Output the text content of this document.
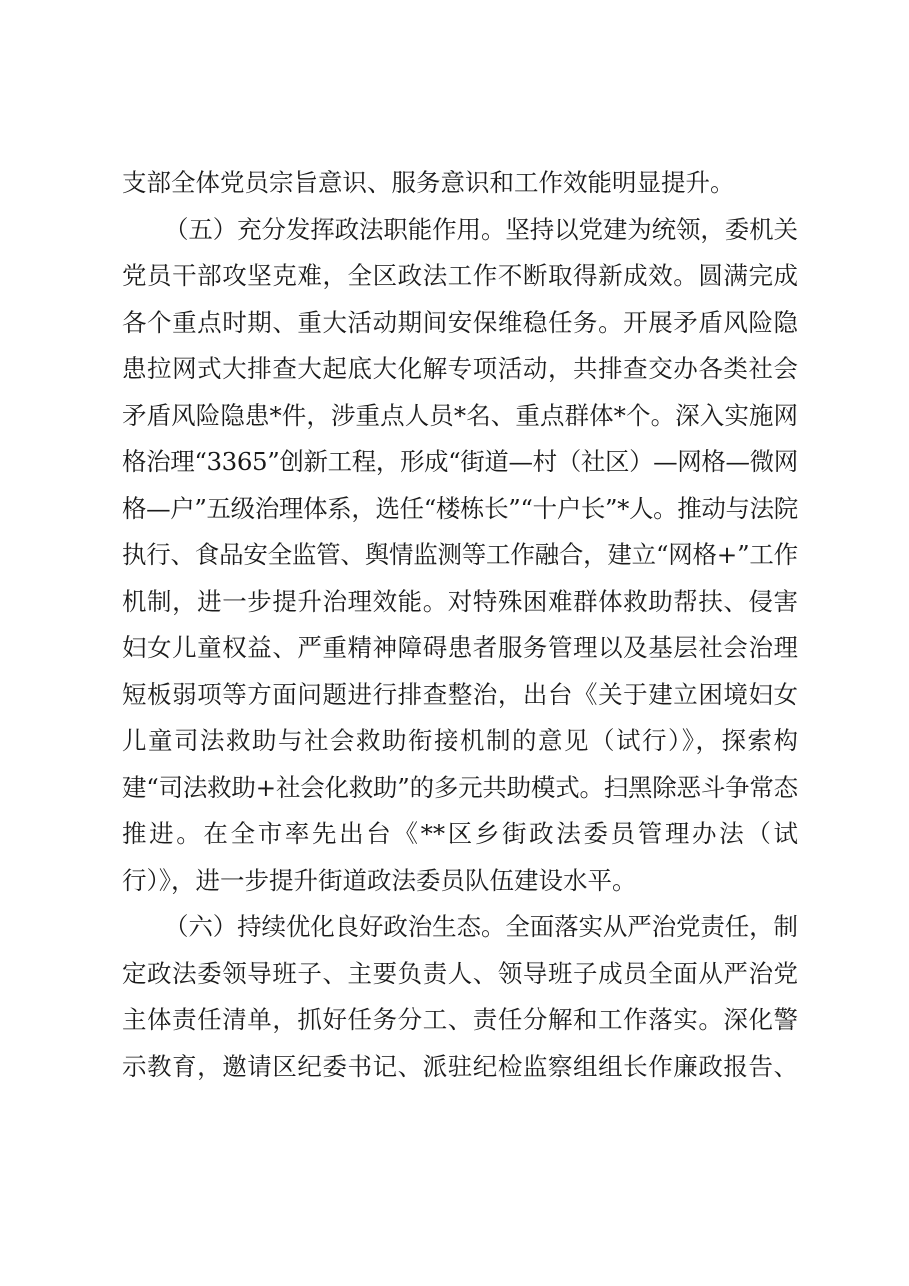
支部全体党员宗旨意识、服务意识和工作效能明显提升。
（五）充分发挥政法职能作用。坚持以党建为统领，委机关
党员干部攻坚克难，全区政法工作不断取得新成效。圆满完成
各个重点时期、重大活动期间安保维稳任务。开展矛盾风险隐
患拉网式大排查大起底大化解专项活动，共排查交办各类社会
矛盾风险隐患*件，涉重点人员*名、重点群体*个。深入实施网
格治理“3365”创新工程，形成“街道—村（社区）—网格—微网
格—户”五级治理体系，选任“楼栋长”“十户长”*人。推动与法院
执行、食品安全监管、舆情监测等工作融合，建立“网格+”工作
机制，进一步提升治理效能。对特殊困难群体救助帮扶、侵害
妇女儿童权益、严重精神障碍患者服务管理以及基层社会治理
短板弱项等方面问题进行排查整治，出台《关于建立困境妇女
儿童司法救助与社会救助衔接机制的意见（试行）》，探索构
建“司法救助+社会化救助”的多元共助模式。扫黑除恶斗争常态
推进。在全市率先出台《**区乡街政法委员管理办法（试
行）》，进一步提升街道政法委员队伍建设水平。
（六）持续优化良好政治生态。全面落实从严治党责任，制
定政法委领导班子、主要负责人、领导班子成员全面从严治党
主体责任清单，抓好任务分工、责任分解和工作落实。深化警
示教育，邀请区纪委书记、派驻纪检监察组组长作廉政报告、
